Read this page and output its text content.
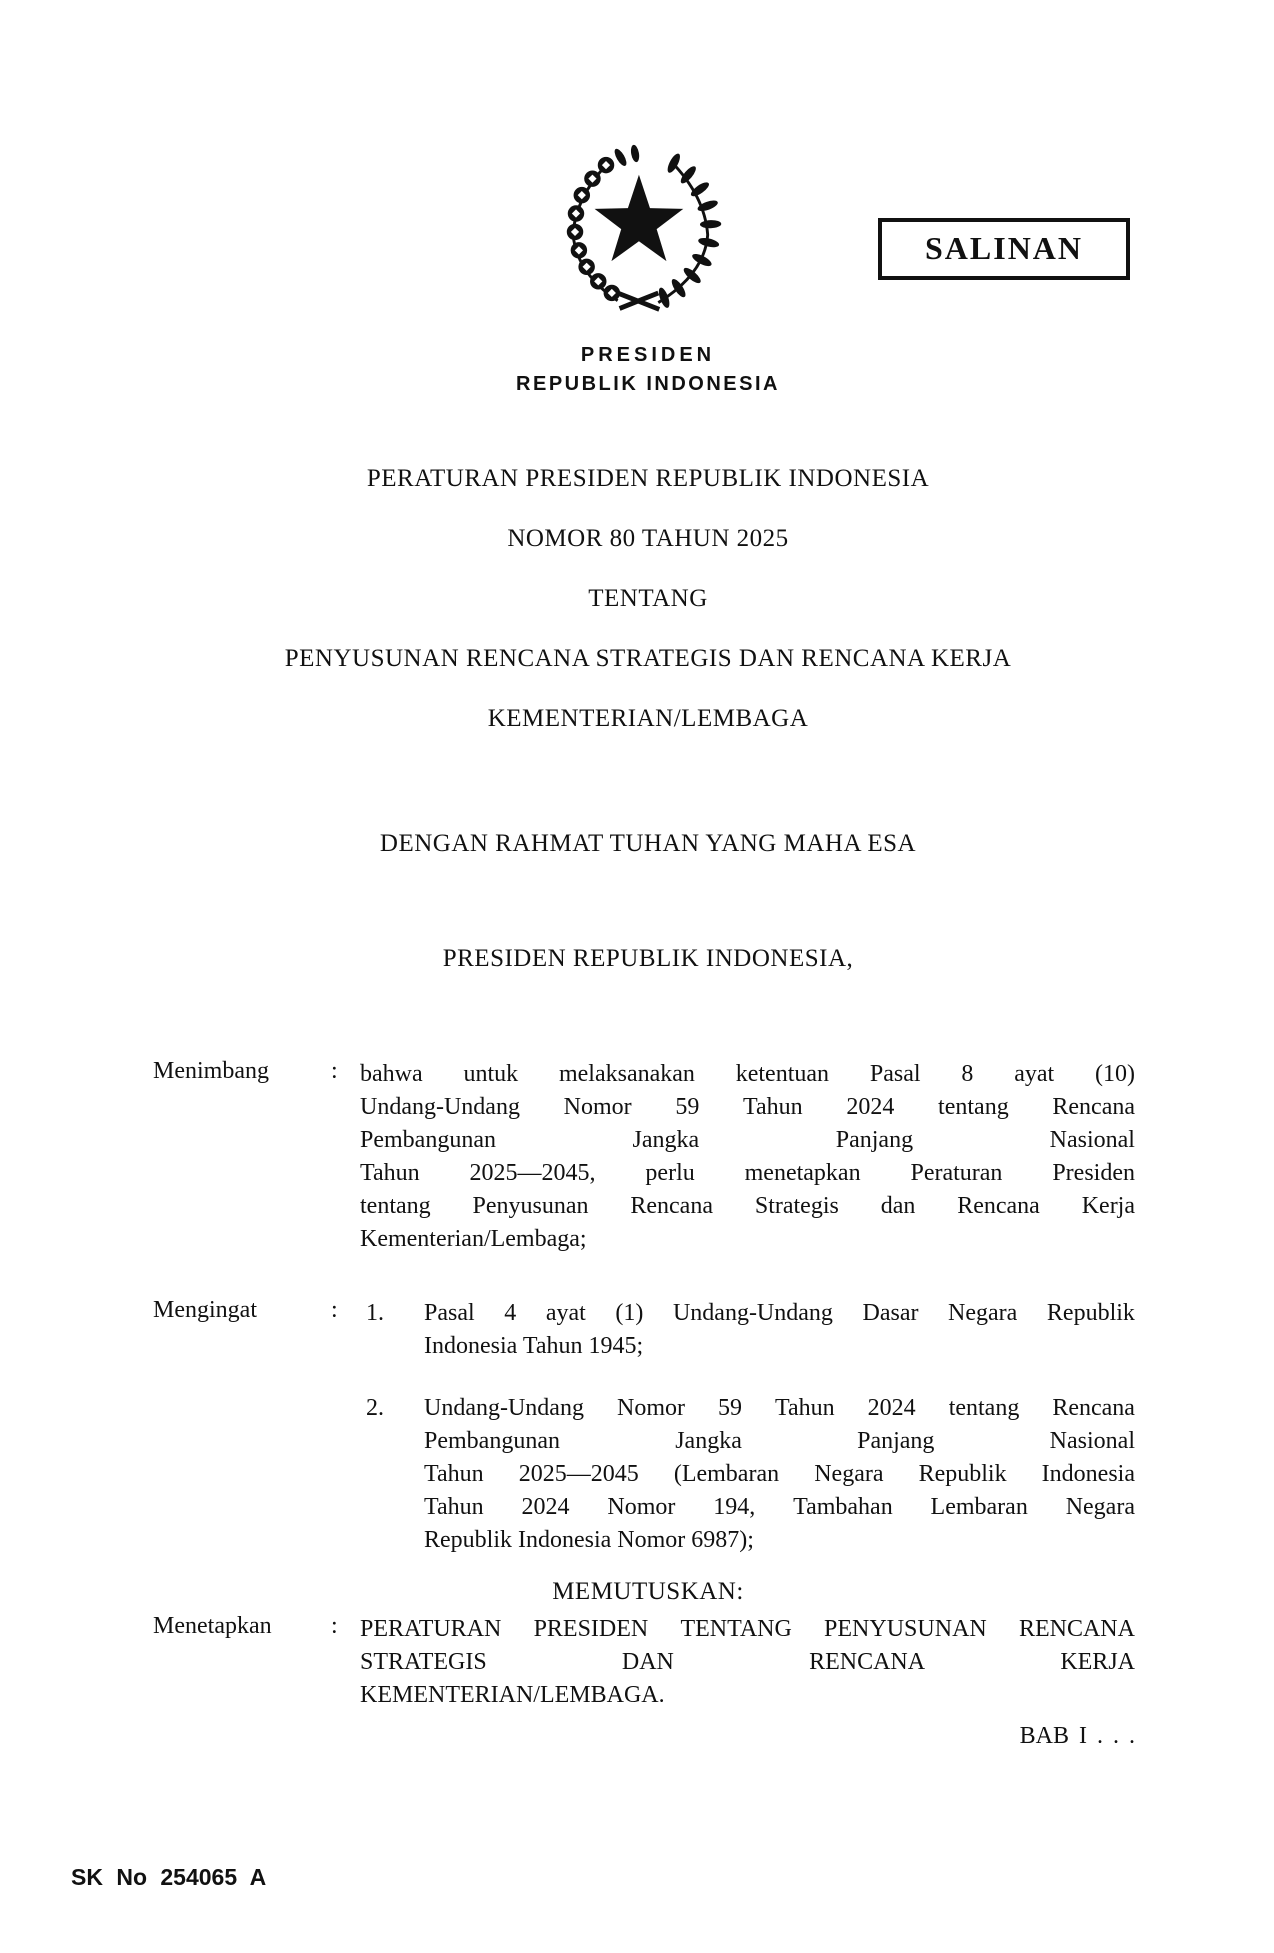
SALINAN
PRESIDEN
REPUBLIK INDONESIA
PERATURAN PRESIDEN REPUBLIK INDONESIA
NOMOR 80 TAHUN 2025
TENTANG
PENYUSUNAN RENCANA STRATEGIS DAN RENCANA KERJA
KEMENTERIAN/LEMBAGA
DENGAN RAHMAT TUHAN YANG MAHA ESA
PRESIDEN REPUBLIK INDONESIA,
Menimbang	: bahwa untuk melaksanakan ketentuan Pasal 8 ayat (10)
Undang-Undang Nomor 59 Tahun 2024 tentang Rencana
Pembangunan	Jangka	Panjang	Nasional
Tahun 2025—2045, perlu menetapkan Peraturan Presiden
tentang Penyusunan Rencana Strategis dan Rencana Kerja
Kementerian/Lembaga;
Mengingat	: 1.	Pasal 4 ayat (1) Undang-Undang Dasar Negara Republik
Indonesia Tahun 1945;
2.	Undang-Undang Nomor 59 Tahun 2024 tentang Rencana
Pembangunan	Jangka	Panjang	Nasional
Tahun 2025—2045 (Lembaran Negara Republik Indonesia
Tahun 2024 Nomor 194, Tambahan Lembaran Negara
Republik Indonesia Nomor 6987);
MEMUTUSKAN:
Menetapkan : PERATURAN PRESIDEN TENTANG PENYUSUNAN RENCANA
STRATEGIS	DAN	RENCANA	KERJA
KEMENTERIAN/LEMBAGA.
BAB I . . .
SK No 254065 A
